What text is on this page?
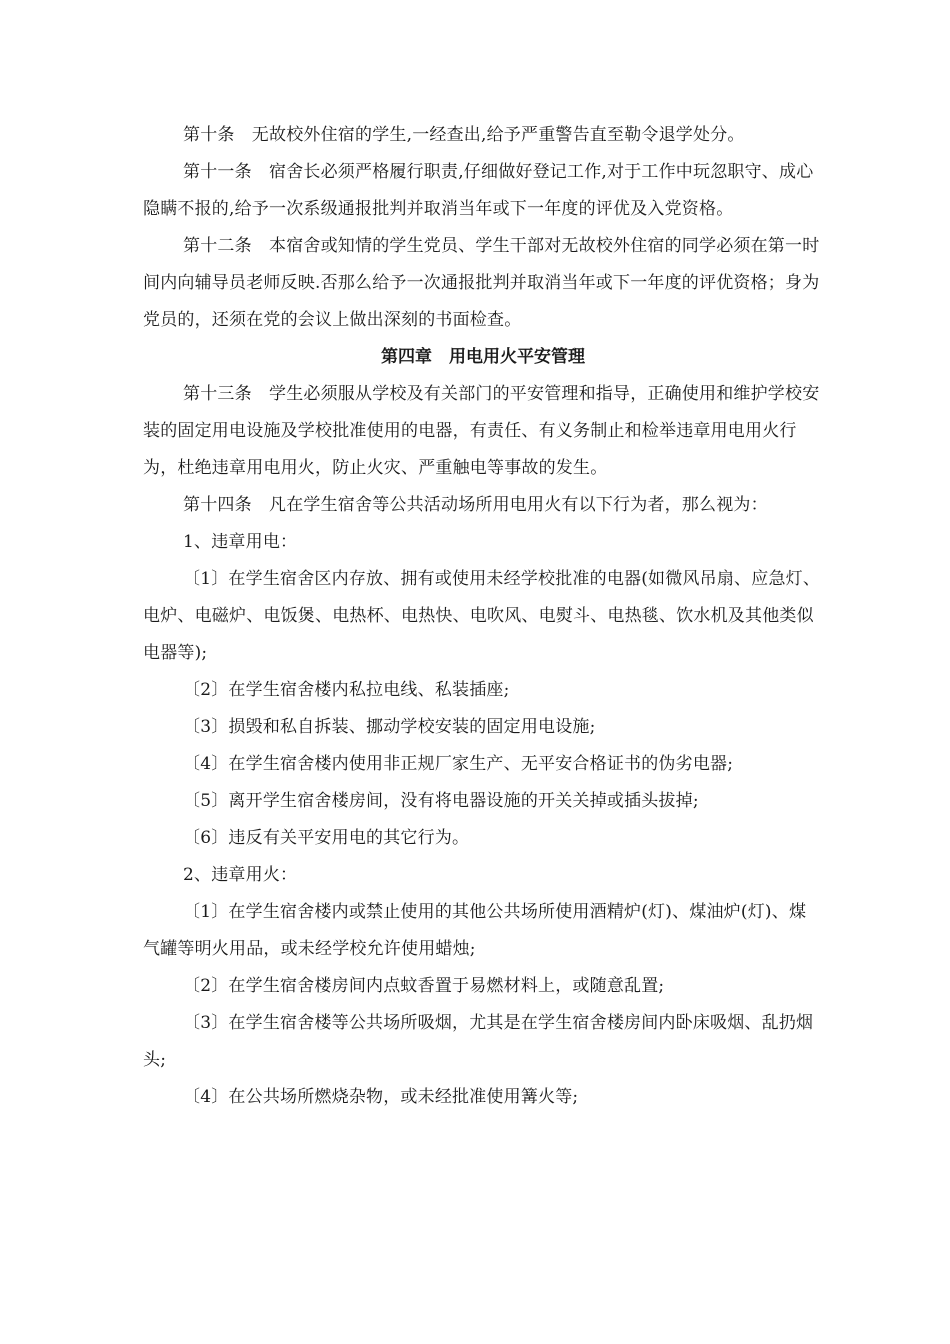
第十条　无故校外住宿的学生,一经查出,给予严重警告直至勒令退学处分。

第十一条　宿舍长必须严格履行职责,仔细做好登记工作,对于工作中玩忽职守、成心隐瞒不报的,给予一次系级通报批判并取消当年或下一年度的评优及入党资格。

第十二条　本宿舍或知情的学生党员、学生干部对无故校外住宿的同学必须在第一时间内向辅导员老师反映.否那么给予一次通报批判并取消当年或下一年度的评优资格；身为党员的，还须在党的会议上做出深刻的书面检查。

第四章　用电用火平安管理

第十三条　学生必须服从学校及有关部门的平安管理和指导，正确使用和维护学校安装的固定用电设施及学校批准使用的电器，有责任、有义务制止和检举违章用电用火行为，杜绝违章用电用火，防止火灾、严重触电等事故的发生。

第十四条　凡在学生宿舍等公共活动场所用电用火有以下行为者，那么视为：

1、违章用电：

〔1〕在学生宿舍区内存放、拥有或使用未经学校批准的电器(如微风吊扇、应急灯、电炉、电磁炉、电饭煲、电热杯、电热快、电吹风、电熨斗、电热毯、饮水机及其他类似电器等);

〔2〕在学生宿舍楼内私拉电线、私装插座;

〔3〕损毁和私自拆装、挪动学校安装的固定用电设施;

〔4〕在学生宿舍楼内使用非正规厂家生产、无平安合格证书的伪劣电器;

〔5〕离开学生宿舍楼房间，没有将电器设施的开关关掉或插头拔掉;

〔6〕违反有关平安用电的其它行为。

2、违章用火：

〔1〕在学生宿舍楼内或禁止使用的其他公共场所使用酒精炉(灯)、煤油炉(灯)、煤气罐等明火用品，或未经学校允许使用蜡烛;

〔2〕在学生宿舍楼房间内点蚊香置于易燃材料上，或随意乱置;

〔3〕在学生宿舍楼等公共场所吸烟，尤其是在学生宿舍楼房间内卧床吸烟、乱扔烟头;

〔4〕在公共场所燃烧杂物，或未经批准使用篝火等;
